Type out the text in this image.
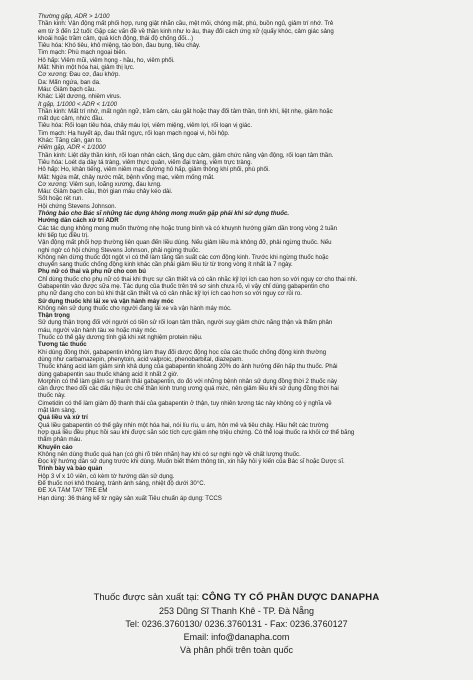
Thường gặp, ADR > 1/100
Thần kinh: Vận động mất phối hợp, rung giật nhãn cầu, mệt mỏi, chóng mặt, phù, buồn ngủ, giảm trí nhớ. Trẻ
em từ 3 đến 12 tuổi: Gặp các vấn đề về thần kinh như lo âu, thay đổi cách ứng xử (quấy khóc, cảm giác sảng
khoái hoặc trầm cảm, quá kích động, thái độ chống đối...)
Tiêu hóa: Khó tiêu, khô miệng, táo bón, đau bụng, tiêu chảy.
Tim mạch: Phù mạch ngoại biên.
Hô hấp: Viêm mũi, viêm họng - hầu, ho, viêm phổi.
Mắt: Nhìn một hóa hai, giảm thị lực.
Cơ xương: Đau cơ, đau khớp.
Da: Mẩn ngứa, ban da.
Máu: Giảm bạch cầu.
Khác: Liệt dương, nhiễm virus.
Ít gặp, 1/1000 < ADR < 1/100
Thần kinh: Mất trí nhớ, mất ngôn ngữ, trầm cảm, cáu gắt hoặc thay đổi tâm thần, tình khí, liệt nhẹ, giảm hoặc
mất dục cảm, nhức đầu.
Tiêu hóa: Rối loạn tiêu hóa, chảy máu lợi, viêm miệng, viêm lợi, rối loạn vị giác.
Tim mạch: Hạ huyết áp, đau thắt ngực, rối loạn mạch ngoại vi, hồi hộp.
Khác: Tăng cân, gan to.
Hiếm gặp, ADR < 1/1000
Thần kinh: Liệt dây thần kinh, rối loạn nhân cách, tăng dục cảm, giảm chức năng vận động, rối loạn tâm thần.
Tiêu hóa: Loét dạ dày tá tràng, viêm thực quản, viêm đại tràng, viêm trực tràng.
Hô hấp: Ho, khản tiếng, viêm niêm mạc đường hô hấp, giảm thông khí phổi, phù phổi.
Mắt: Ngứa mắt, chảy nước mắt, bệnh võng mạc, viêm mống mắt.
Cơ xương: Viêm sụn, loãng xương, đau lưng.
Máu: Giảm bạch cầu, thời gian máu chảy kéo dài.
Sốt hoặc rét run.
Hội chứng Stevens Johnson.
Thông báo cho Bác sĩ những tác dụng không mong muốn gặp phải khi sử dụng thuốc.
Hướng dẫn cách xử trí ADR
Các tác dụng không mong muốn thường nhẹ hoặc trung bình và có khuynh hướng giảm dần trong vòng 2 tuần
khi tiếp tục điều trị.
Vận động mất phối hợp thường liên quan đến liều dùng. Nếu giảm liều mà không đỡ, phải ngừng thuốc. Nếu
nghi ngờ có hội chứng Stevens Johnson, phải ngừng thuốc.
Không nên dừng thuốc đột ngột vì có thể làm tăng tần suất các cơn động kinh. Trước khi ngừng thuốc hoặc
chuyển sang thuốc chống động kinh khác cần phải giảm liều từ từ trong vòng ít nhất là 7 ngày.
Phụ nữ có thai và phụ nữ cho con bú
Chỉ dùng thuốc cho phụ nữ có thai khi thực sự cần thiết và có cân nhắc kỹ lợi ích cao hơn so với nguy cơ cho thai nhi.
Gabapentin vào được sữa mẹ. Tác dụng của thuốc trên trẻ sơ sinh chưa rõ, vì vậy chỉ dùng gabapentin cho
phụ nữ đang cho con bú khi thật cần thiết và có cân nhắc kỹ lợi ích cao hơn so với nguy cơ rủi ro.
Sử dụng thuốc khi lái xe và vận hành máy móc
Không nên sử dụng thuốc cho người đang lái xe và vận hành máy móc.
Thận trọng
Sử dụng thận trọng đối với người có tiền sử rối loạn tâm thần, người suy giảm chức năng thận và thẩm phân
máu, người vận hành tàu xe hoặc máy móc.
Thuốc có thể gây dương tính giả khi xét nghiệm protein niệu.
Tương tác thuốc
Khi dùng đồng thời, gabapentin không làm thay đổi dược động học của các thuốc chống động kinh thường
dùng như carbamazepin, phenytoin, acid valproic, phenobarbital, diazepam.
Thuốc kháng acid làm giảm sinh khả dụng của gabapentin khoảng 20% do ảnh hưởng đến hấp thu thuốc. Phải
dùng gabapentin sau thuốc kháng acid ít nhất 2 giờ.
Morphin có thể làm giảm sự thanh thải gabapentin, do đó với những bệnh nhân sử dụng đồng thời 2 thuốc này
cần được theo dõi các dấu hiệu ức chế thần kinh trung ương quá mức, nên giảm liều khi sử dụng đồng thời hai
thuốc này.
Cimetidin có thể làm giảm độ thanh thải của gabapentin ở thận, tuy nhiên tương tác này không có ý nghĩa về
mặt lâm sàng.
Quá liều và xử trí
Quá liều gabapentin có thể gây nhìn một hóa hai, nói líu ríu, u ám, hôn mê và tiêu chảy. Hầu hết các trường
hợp quá liều đều phục hồi sau khi được săn sóc tích cực giảm nhẹ triệu chứng. Có thể loại thuốc ra khỏi cơ thể bằng
thẩm phân máu.
Khuyến cáo
Không nên dùng thuốc quá hạn (có ghi rõ trên nhãn) hay khi có sự nghi ngờ về chất lượng thuốc.
Đọc kỹ hướng dẫn sử dụng trước khi dùng. Muốn biết thêm thông tin, xin hãy hỏi ý kiến của Bác sĩ hoặc Dược sĩ.
Trình bày và bảo quản
Hộp 3 vỉ x 10 viên, có kèm tờ hướng dẫn sử dụng.
Để thuốc nơi khô thoáng, tránh ánh sáng, nhiệt độ dưới 30°C.
ĐỂ XA TẦM TAY TRẺ EM
Hạn dùng: 36 tháng kể từ ngày sản xuất Tiêu chuẩn áp dụng: TCCS
Thuốc được sản xuất tại: CÔNG TY CỔ PHẦN DƯỢC DANAPHA
253 Dũng Sĩ Thanh Khê - TP. Đà Nẵng
Tel: 0236.3760130/ 0236.3760131 - Fax: 0236.3760127
Email: info@danapha.com
Và phân phối trên toàn quốc
